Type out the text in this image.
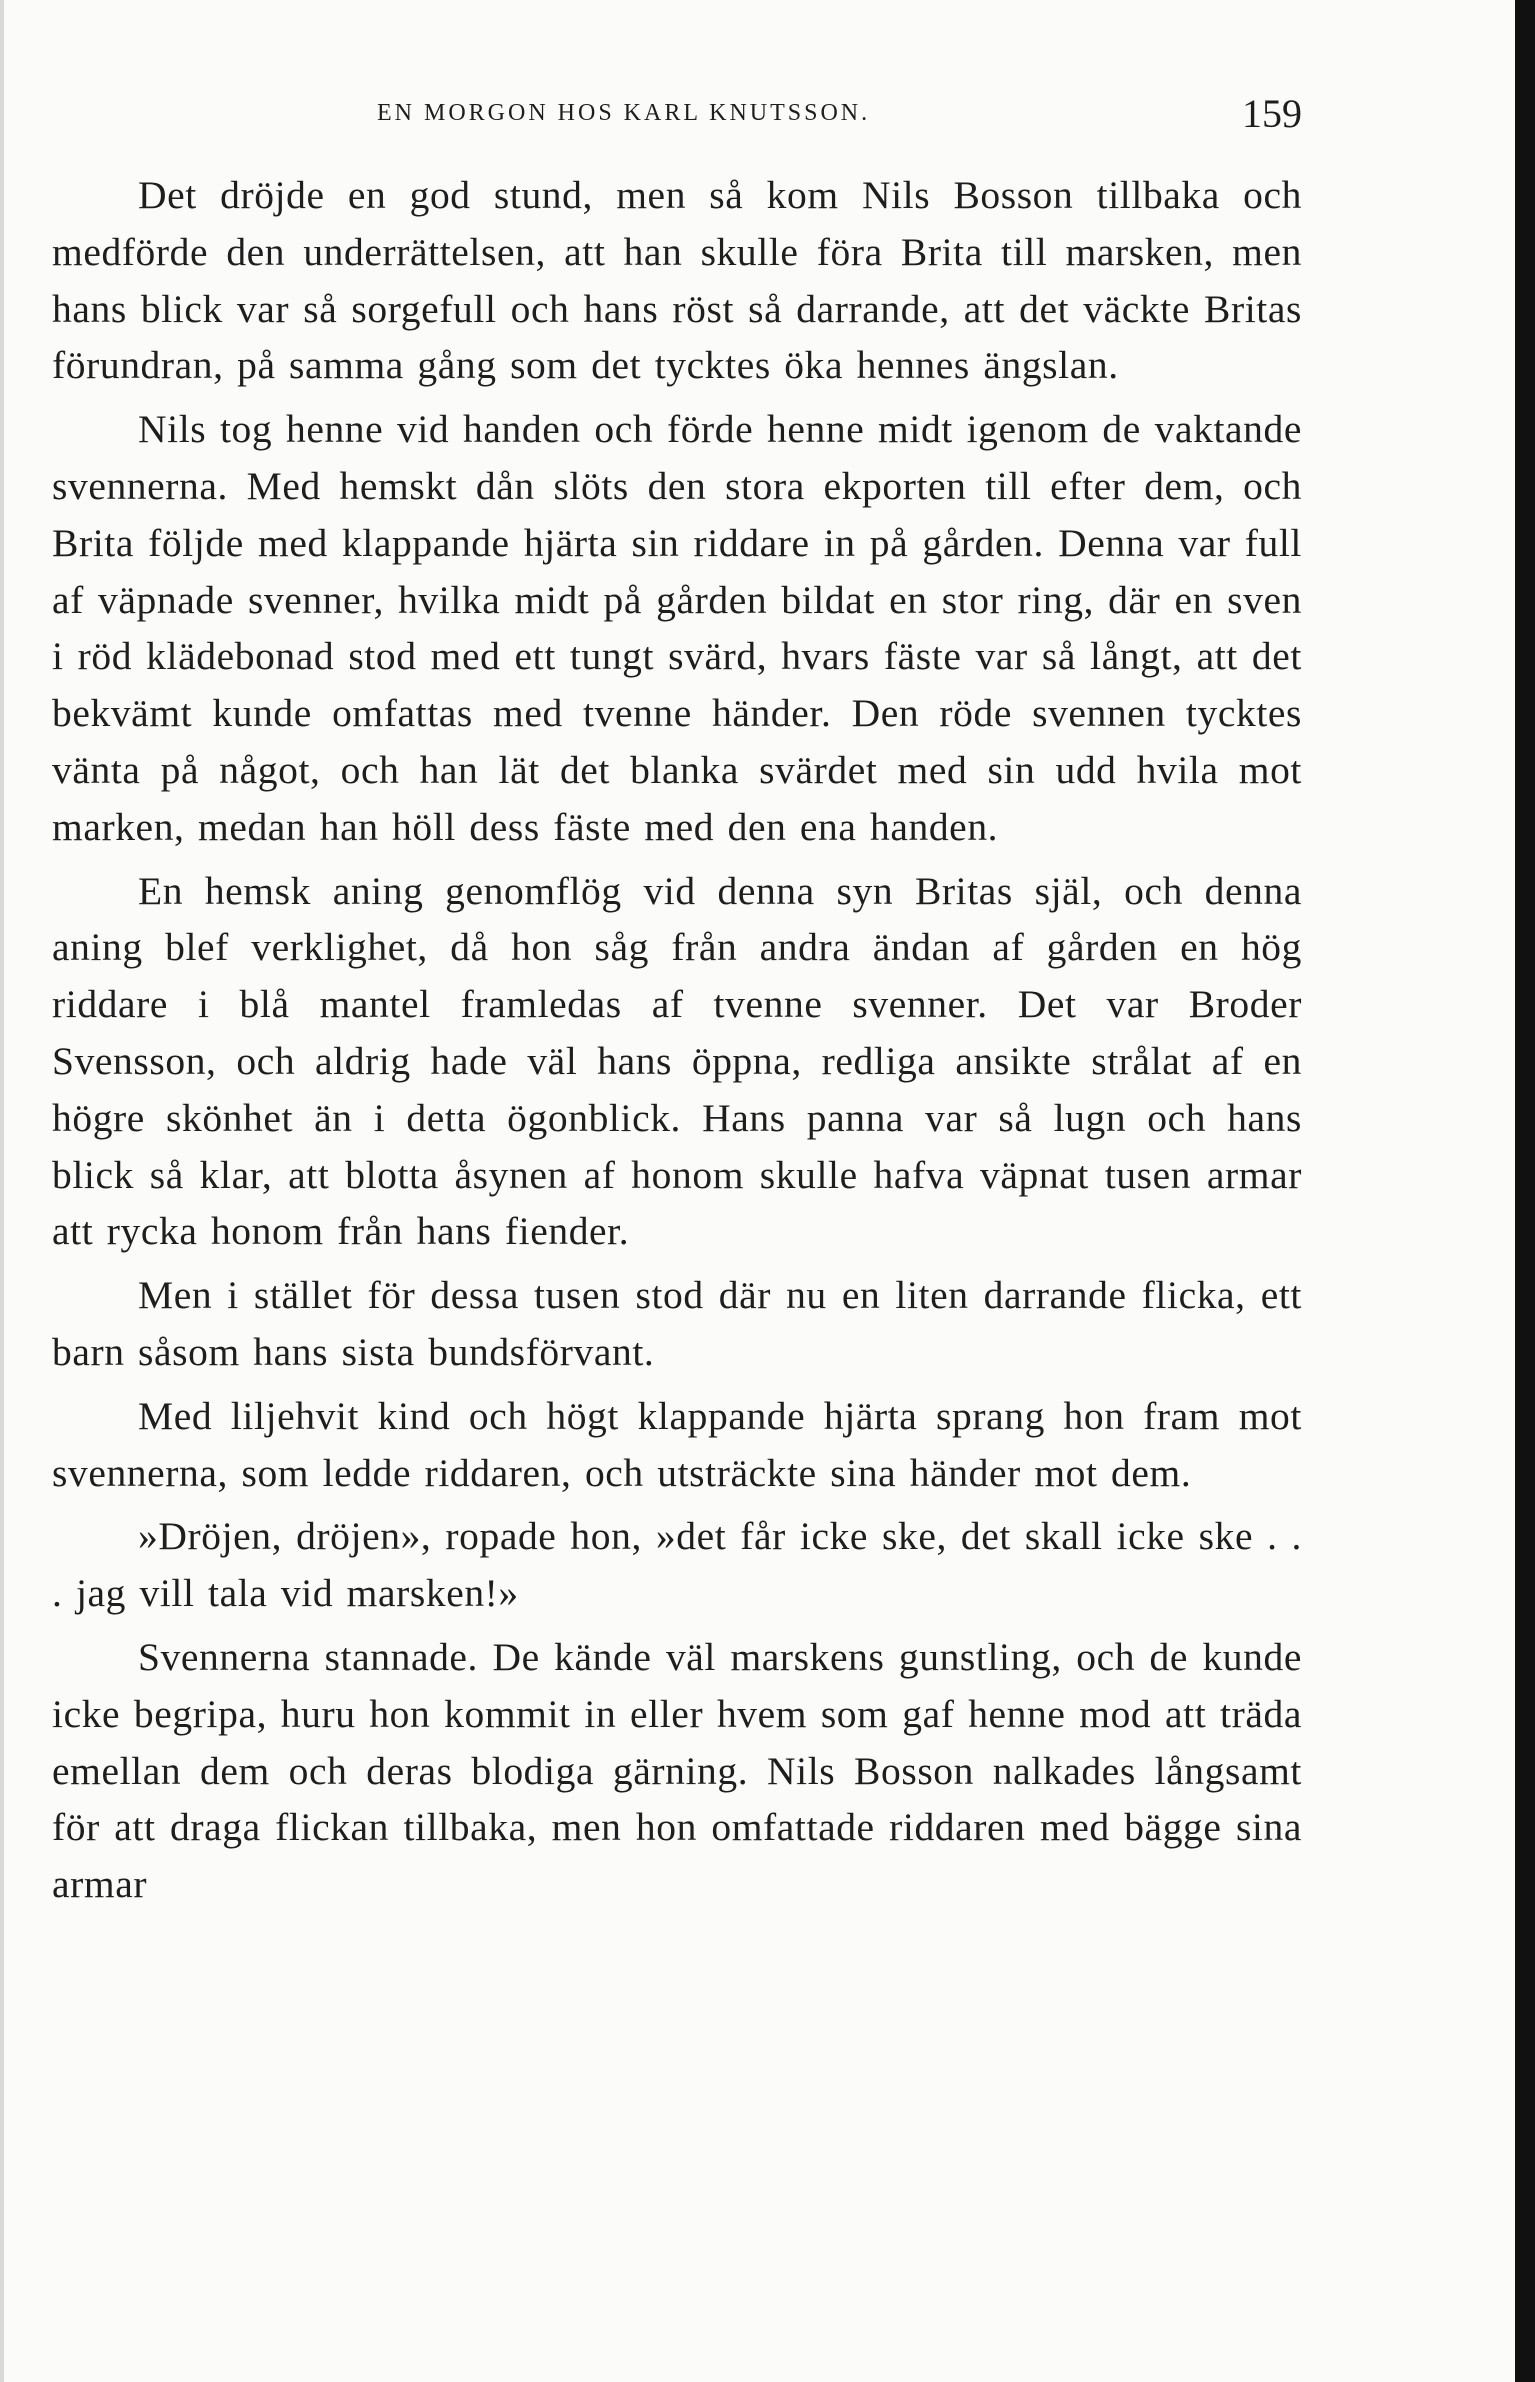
EN MORGON HOS KARL KNUTSSON.	159

Det dröjde en god stund, men så kom Nils Bosson tillbaka och medförde den underrättelsen, att han skulle föra Brita till marsken, men hans blick var så sorgefull och hans röst så darrande, att det väckte Britas förundran, på samma gång som det tycktes öka hennes ängslan.

Nils tog henne vid handen och förde henne midt igenom de vaktande svennerna. Med hemskt dån slöts den stora ekporten till efter dem, och Brita följde med klappande hjärta sin riddare in på gården. Denna var full af väpnade svenner, hvilka midt på gården bildat en stor ring, där en sven i röd klädebonad stod med ett tungt svärd, hvars fäste var så långt, att det bekvämt kunde omfattas med tvenne händer. Den röde svennen tycktes vänta på något, och han lät det blanka svärdet med sin udd hvila mot marken, medan han höll dess fäste med den ena handen.

En hemsk aning genomflög vid denna syn Britas själ, och denna aning blef verklighet, då hon såg från andra ändan af gården en hög riddare i blå mantel framledas af tvenne svenner. Det var Broder Svensson, och aldrig hade väl hans öppna, redliga ansikte strålat af en högre skönhet än i detta ögonblick. Hans panna var så lugn och hans blick så klar, att blotta åsynen af honom skulle hafva väpnat tusen armar att rycka honom från hans fiender.

Men i stället för dessa tusen stod där nu en liten darrande flicka, ett barn såsom hans sista bundsförvant.

Med liljehvit kind och högt klappande hjärta sprang hon fram mot svennerna, som ledde riddaren, och utsträckte sina händer mot dem.

»Dröjen, dröjen», ropade hon, »det får icke ske, det skall icke ske . . . jag vill tala vid marsken!»

Svennerna stannade. De kände väl marskens gunstling, och de kunde icke begripa, huru hon kommit in eller hvem som gaf henne mod att träda emellan dem och deras blodiga gärning. Nils Bosson nalkades långsamt för att draga flickan tillbaka, men hon omfattade riddaren med bägge sina armar
